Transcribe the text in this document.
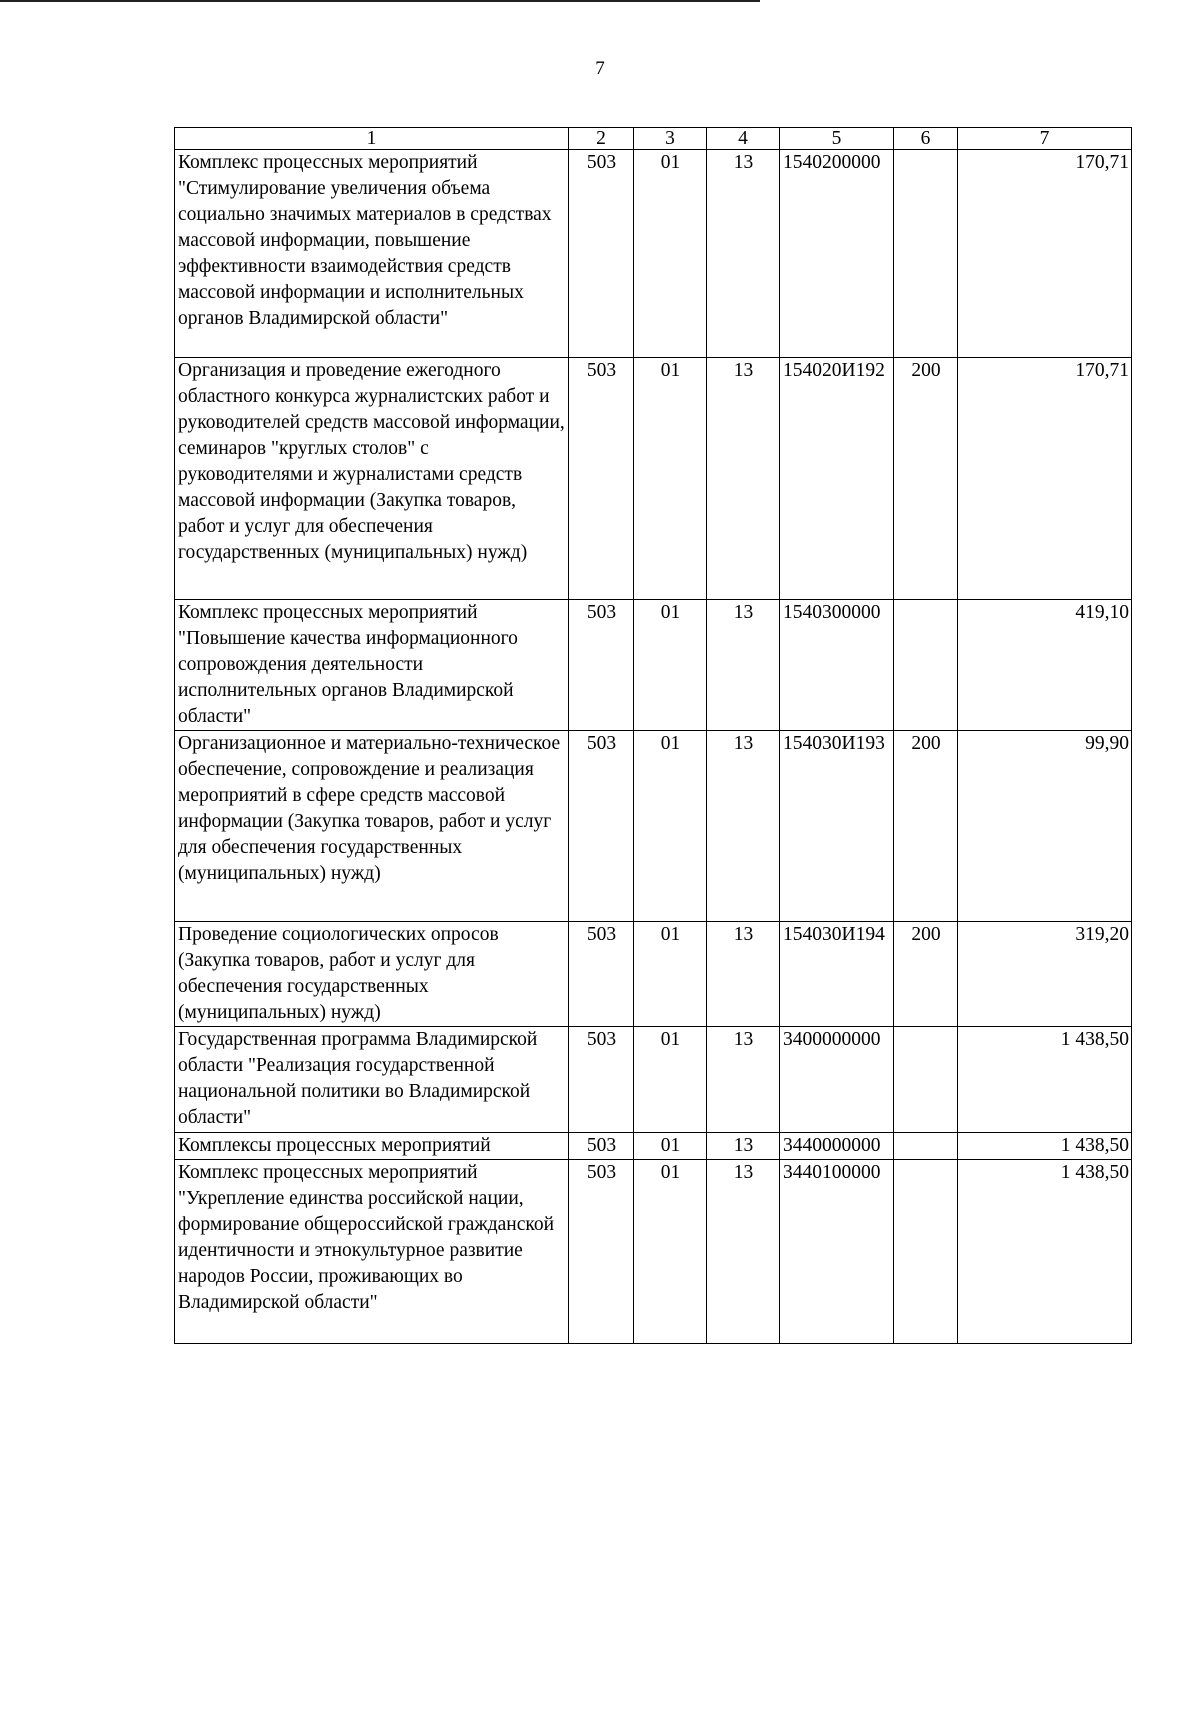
7
1	2	3	4	5	6	7
Комплекс процессных мероприятий "Стимулирование увеличения объема социально значимых материалов в средствах массовой информации, повышение эффективности взаимодействия средств массовой информации и исполнительных органов Владимирской области"	503	01	13	1540200000		170,71
Организация и проведение ежегодного областного конкурса журналистских работ и руководителей средств массовой информации, семинаров "круглых столов" с руководителями и журналистами средств массовой информации (Закупка товаров, работ и услуг для обеспечения государственных (муниципальных) нужд)	503	01	13	154020И192	200	170,71
Комплекс процессных мероприятий "Повышение качества информационного сопровождения деятельности исполнительных органов Владимирской области"	503	01	13	1540300000		419,10
Организационное и материально-техническое обеспечение, сопровождение и реализация мероприятий в сфере средств массовой информации (Закупка товаров, работ и услуг для обеспечения государственных (муниципальных) нужд)	503	01	13	154030И193	200	99,90
Проведение социологических опросов (Закупка товаров, работ и услуг для обеспечения государственных (муниципальных) нужд)	503	01	13	154030И194	200	319,20
Государственная программа Владимирской области "Реализация государственной национальной политики во Владимирской области"	503	01	13	3400000000		1 438,50
Комплексы процессных мероприятий	503	01	13	3440000000		1 438,50
Комплекс процессных мероприятий "Укрепление единства российской нации, формирование общероссийской гражданской идентичности и этнокультурное развитие народов России, проживающих во Владимирской области"	503	01	13	3440100000		1 438,50
